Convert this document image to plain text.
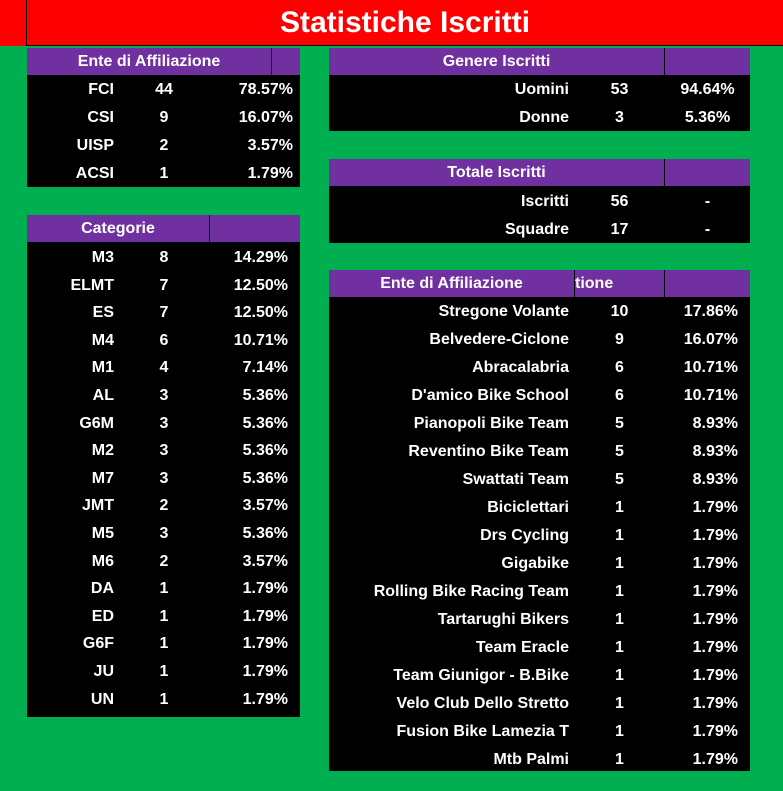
Statistiche Iscritti
Ente di Affiliazione
FCI	44	78.57%
CSI	9	16.07%
UISP	2	3.57%
ACSI	1	1.79%
Categorie
M3	8	14.29%
ELMT	7	12.50%
ES	7	12.50%
M4	6	10.71%
M1	4	7.14%
AL	3	5.36%
G6M	3	5.36%
M2	3	5.36%
M7	3	5.36%
JMT	2	3.57%
M5	3	5.36%
M6	2	3.57%
DA	1	1.79%
ED	1	1.79%
G6F	1	1.79%
JU	1	1.79%
UN	1	1.79%
Genere Iscritti
Uomini	53	94.64%
Donne	3	5.36%
Totale Iscritti
Iscritti	56	-
Squadre	17	-
Ente di Affiliazione	tione
Stregone Volante	10	17.86%
Belvedere-Ciclone	9	16.07%
Abracalabria	6	10.71%
D'amico Bike School	6	10.71%
Pianopoli Bike Team	5	8.93%
Reventino Bike Team	5	8.93%
Swattati Team	5	8.93%
Biciclettari	1	1.79%
Drs Cycling	1	1.79%
Gigabike	1	1.79%
Rolling Bike Racing Team	1	1.79%
Tartarughi Bikers	1	1.79%
Team Eracle	1	1.79%
Team Giunigor - B.Bike	1	1.79%
Velo Club Dello Stretto	1	1.79%
Fusion Bike Lamezia T	1	1.79%
Mtb Palmi	1	1.79%
